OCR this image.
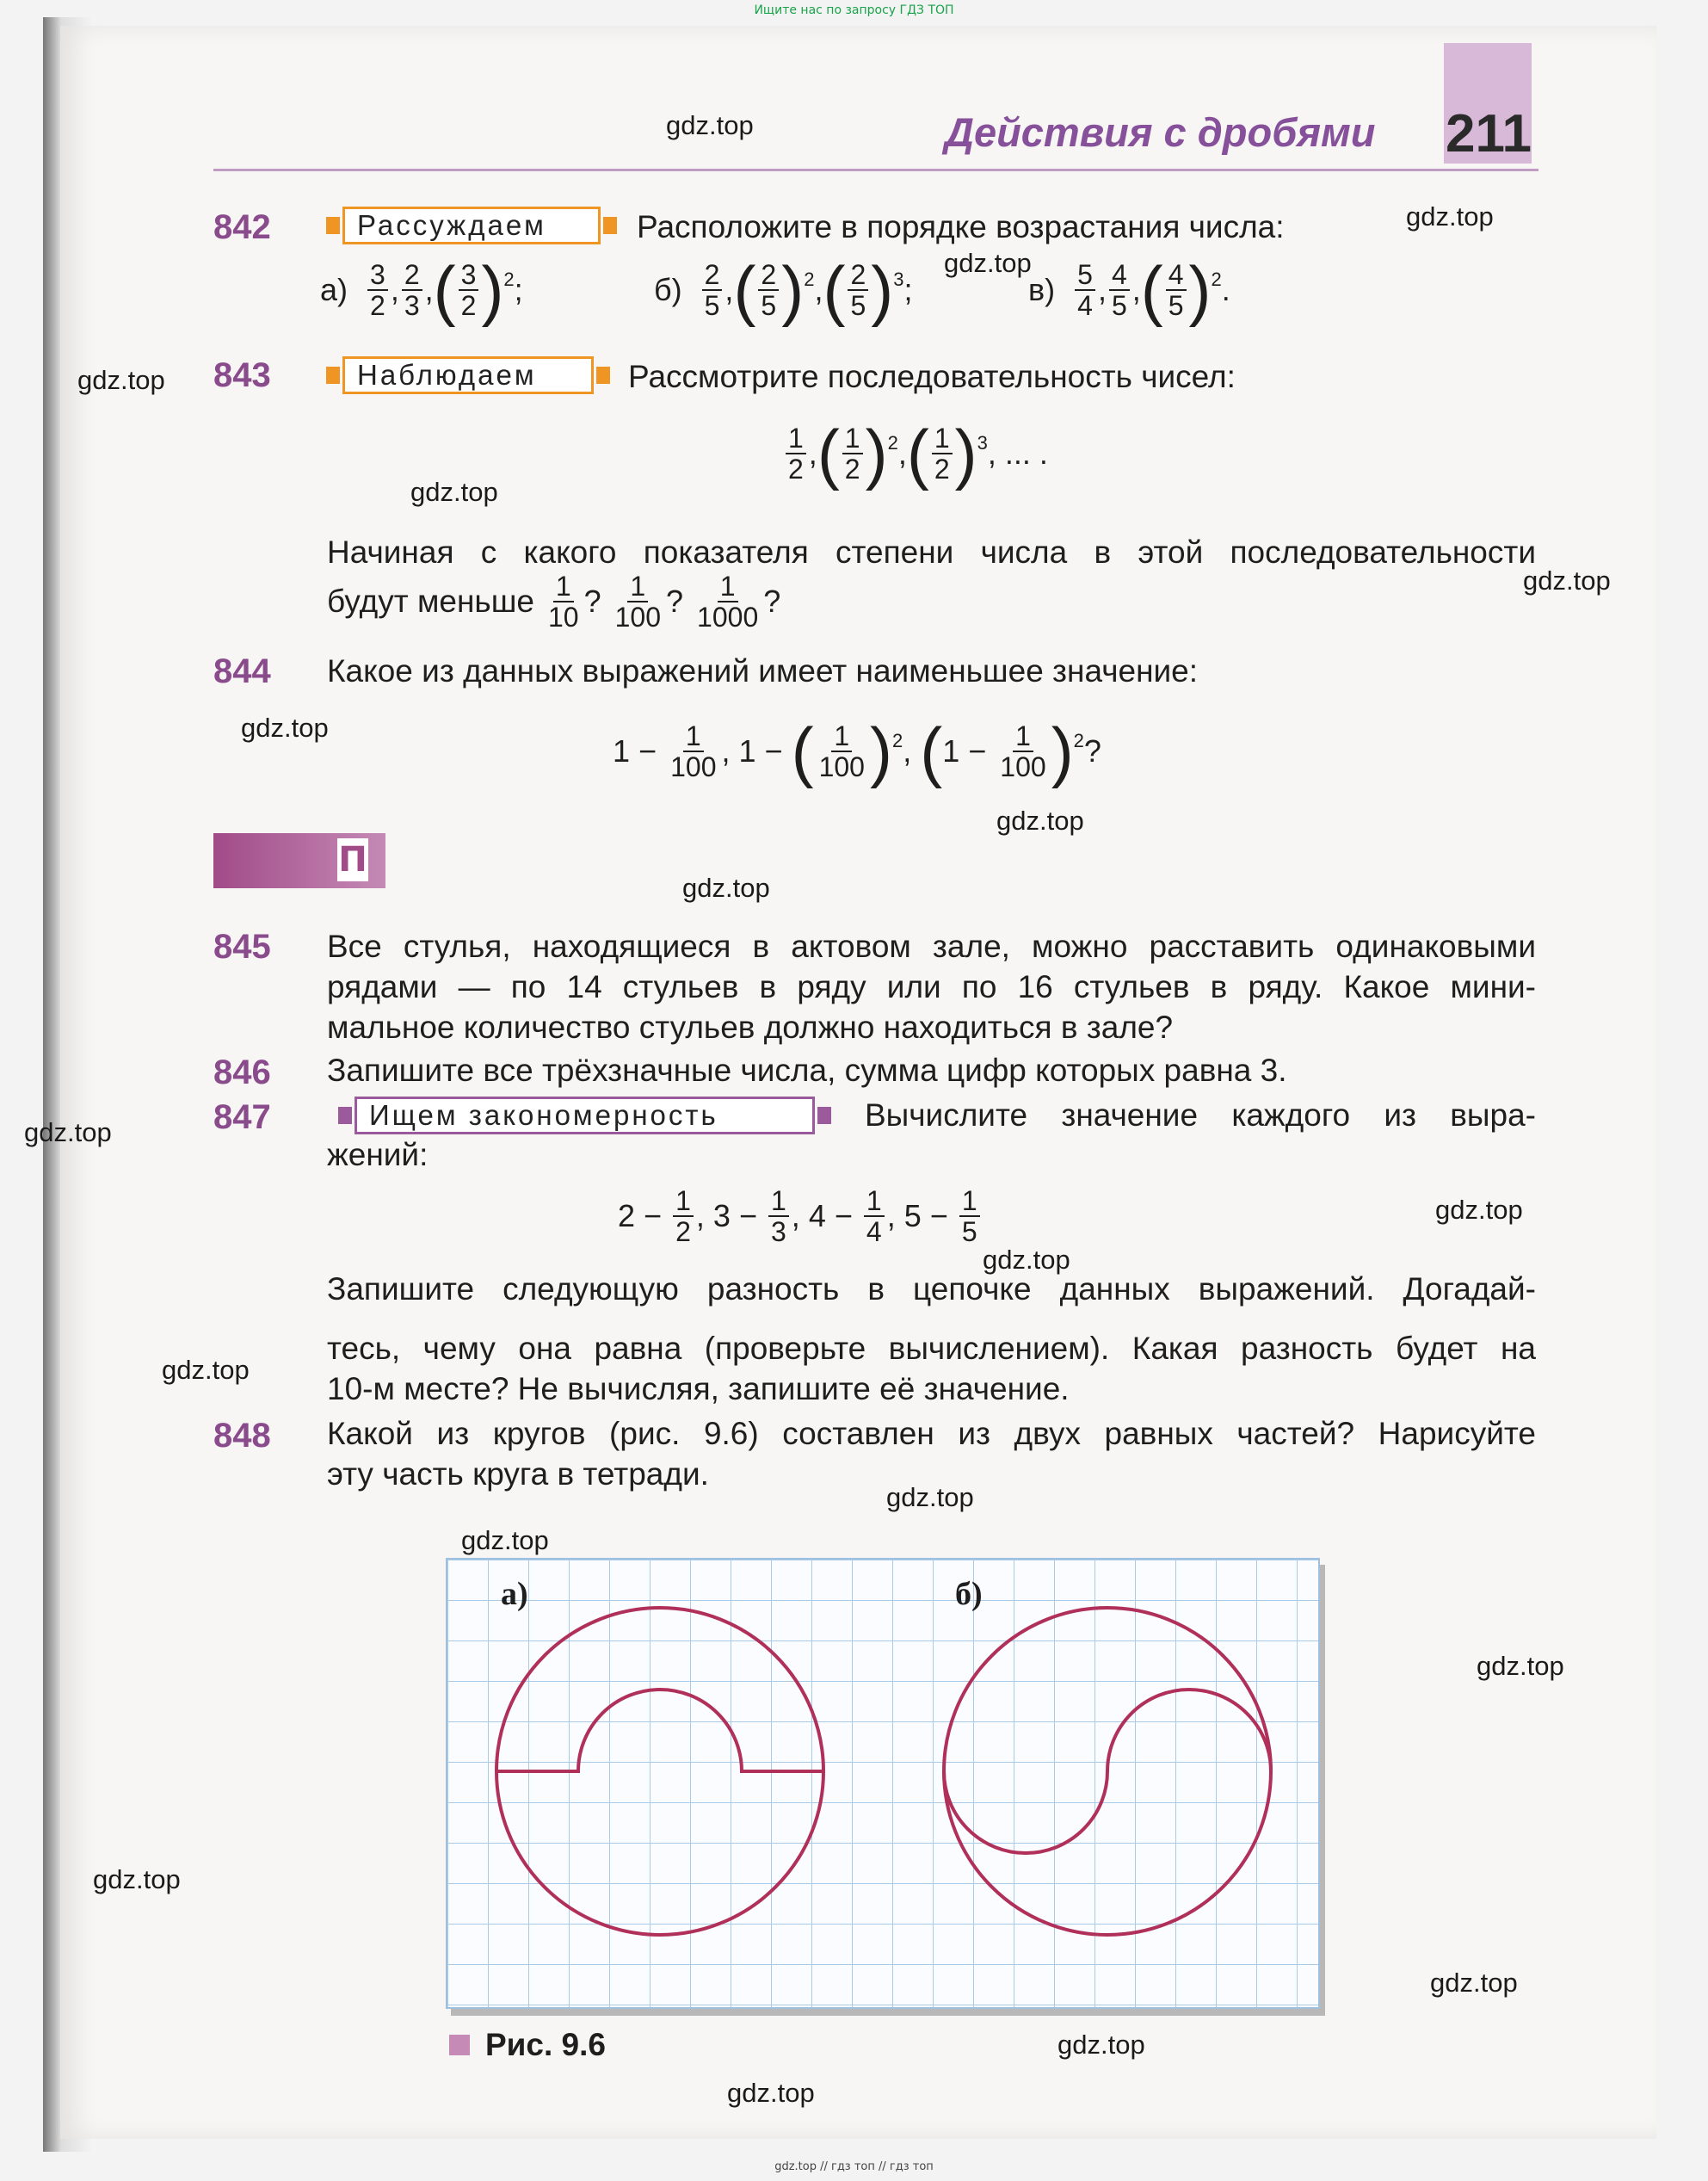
Ищите нас по запросу ГДЗ ТОП
Действия с дробями 211
842	Рассуждаем	Расположите в порядке возрастания числа:
а)
$\frac{3}{2}$ , $\frac{2}{3}$ , ( $\frac{3}{2} )^2$ ;	б)
$\frac{2}{5}$ , ( $\frac{2}{5} )^2$ , ( $\frac{2}{5} )^3$ ;	в)
$\frac{5}{4}$ , $\frac{4}{5}$ , ( $\frac{4}{5} )^2$ .
843	Наблюдаем	Рассмотрите последовательность чисел:
$\frac{1}{2}$ , ( $\frac{1}{2} )^2$ , ( $\frac{1}{2} )^3$ , ... .
Начиная с какого показателя степени числа в этой последовательности
будут меньше
$\frac{1}{10}$ ?
$\frac{1}{100}$ ?
$\frac{1}{1000}$ ?
844 Какое из данных выражений имеет наименьшее значение:
1
−
$\frac{1}{100}$ , 1
−
( $\frac{1}{100} )^2$ , ( 1
−
$\frac{1}{100} )^2$ ?
П
845 Все стулья, находящиеся в актовом зале, можно расставить одинаковыми
рядами — по 14 стульев в ряду или по 16 стульев в ряду. Какое мини-
мальное количество стульев должно находиться в зале?
846 Запишите все трёхзначные числа, сумма цифр которых равна 3.
847	Ищем закономерность	Вычислите значение каждого из выра-
жений:
2
−
$\frac{1}{2}$ , 3
−
$\frac{1}{3}$ , 4
−
$\frac{1}{4}$ , 5
−
$\frac{1}{5}$
Запишите следующую разность в цепочке данных выражений. Догадай-
тесь, чему она равна (проверьте вычислением). Какая разность будет на
10-м месте? Не вычисляя, запишите её значение.
848 Какой из кругов (рис. 9.6) составлен из двух равных частей? Нарисуйте
эту часть круга в тетради.
а)	б)
Рис. 9.6
gdz.top
gdz.top
gdz.top
gdz.top
gdz.top
gdz.top
gdz.top
gdz.top
gdz.top
gdz.top
gdz.top
gdz.top
gdz.top
gdz.top
gdz.top
gdz.top
gdz.top
gdz.top
gdz.top
gdz.top
gdz.top // гдз топ // гдз топ
